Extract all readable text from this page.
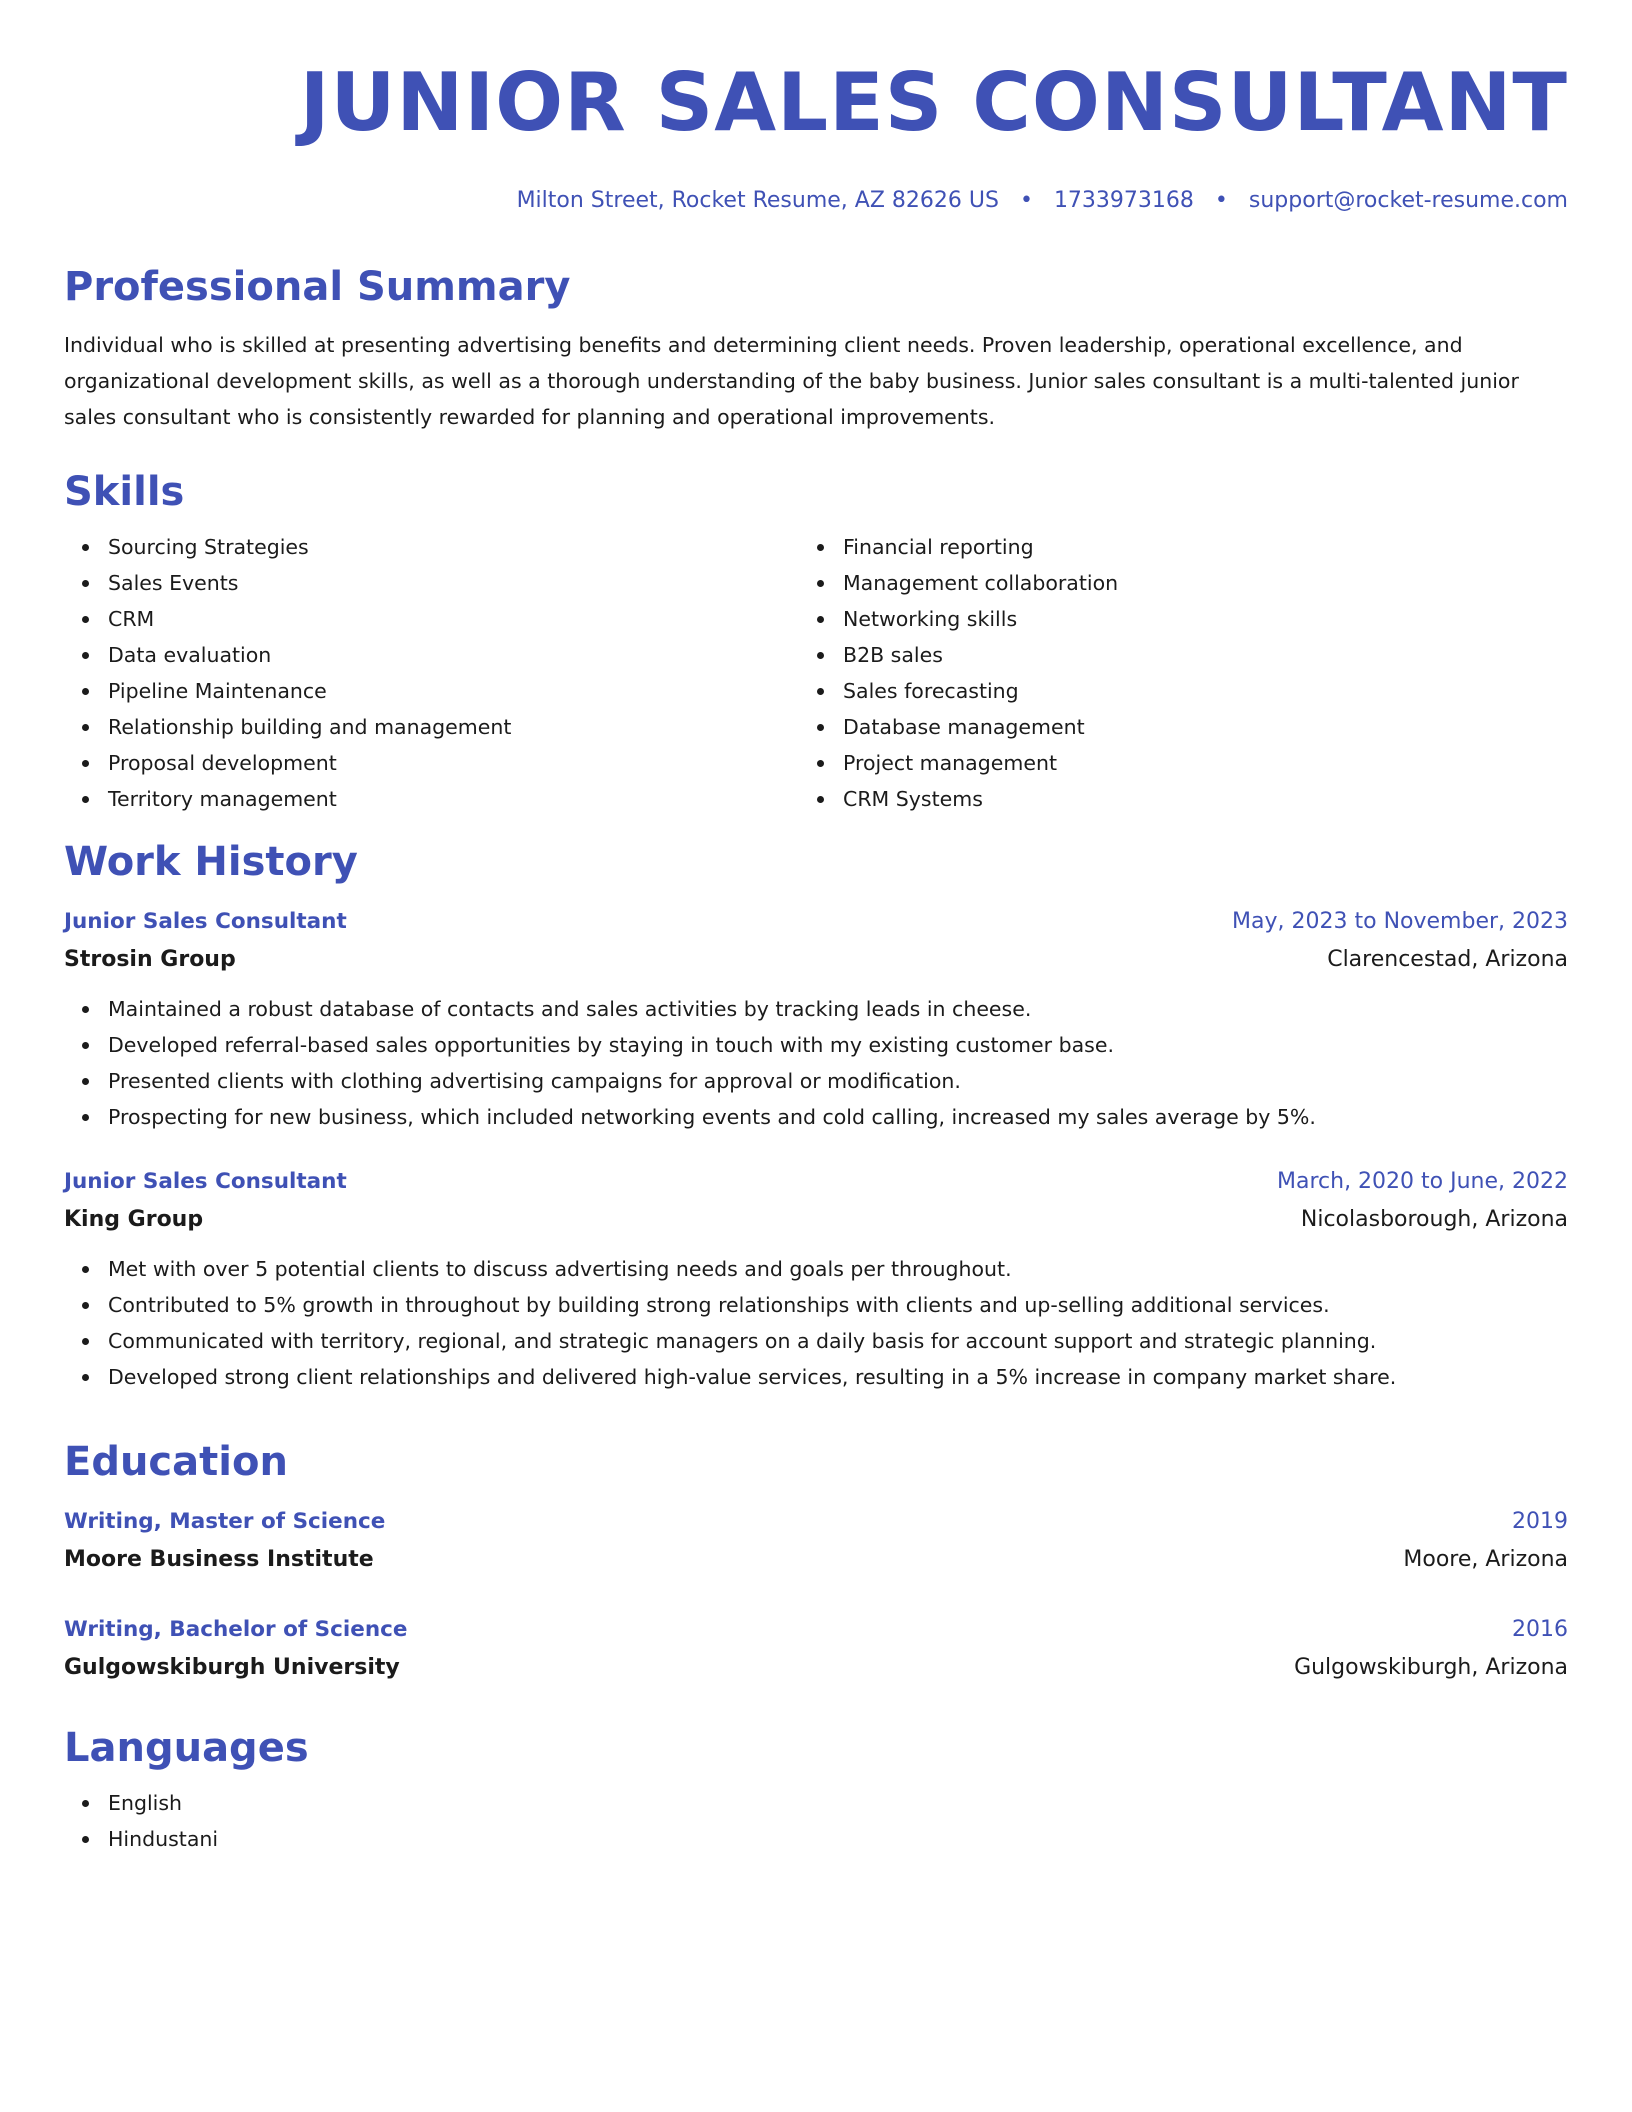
JUNIOR SALES CONSULTANT
Milton Street, Rocket Resume, AZ 82626 US • 1733973168 • support@rocket-resume.com
Professional Summary
Individual who is skilled at presenting advertising benefits and determining client needs. Proven leadership, operational excellence, and organizational development skills, as well as a thorough understanding of the baby business. Junior sales consultant is a multi-talented junior sales consultant who is consistently rewarded for planning and operational improvements.
Skills
Sourcing Strategies
Sales Events
CRM
Data evaluation
Pipeline Maintenance
Relationship building and management
Proposal development
Territory management
Financial reporting
Management collaboration
Networking skills
B2B sales
Sales forecasting
Database management
Project management
CRM Systems
Work History
Junior Sales Consultant	May, 2023 to November, 2023
Strosin Group	Clarencestad, Arizona
Maintained a robust database of contacts and sales activities by tracking leads in cheese.
Developed referral-based sales opportunities by staying in touch with my existing customer base.
Presented clients with clothing advertising campaigns for approval or modification.
Prospecting for new business, which included networking events and cold calling, increased my sales average by 5%.
Junior Sales Consultant	March, 2020 to June, 2022
King Group	Nicolasborough, Arizona
Met with over 5 potential clients to discuss advertising needs and goals per throughout.
Contributed to 5% growth in throughout by building strong relationships with clients and up-selling additional services.
Communicated with territory, regional, and strategic managers on a daily basis for account support and strategic planning.
Developed strong client relationships and delivered high-value services, resulting in a 5% increase in company market share.
Education
Writing, Master of Science	2019
Moore Business Institute	Moore, Arizona
Writing, Bachelor of Science	2016
Gulgowskiburgh University	Gulgowskiburgh, Arizona
Languages
English
Hindustani
